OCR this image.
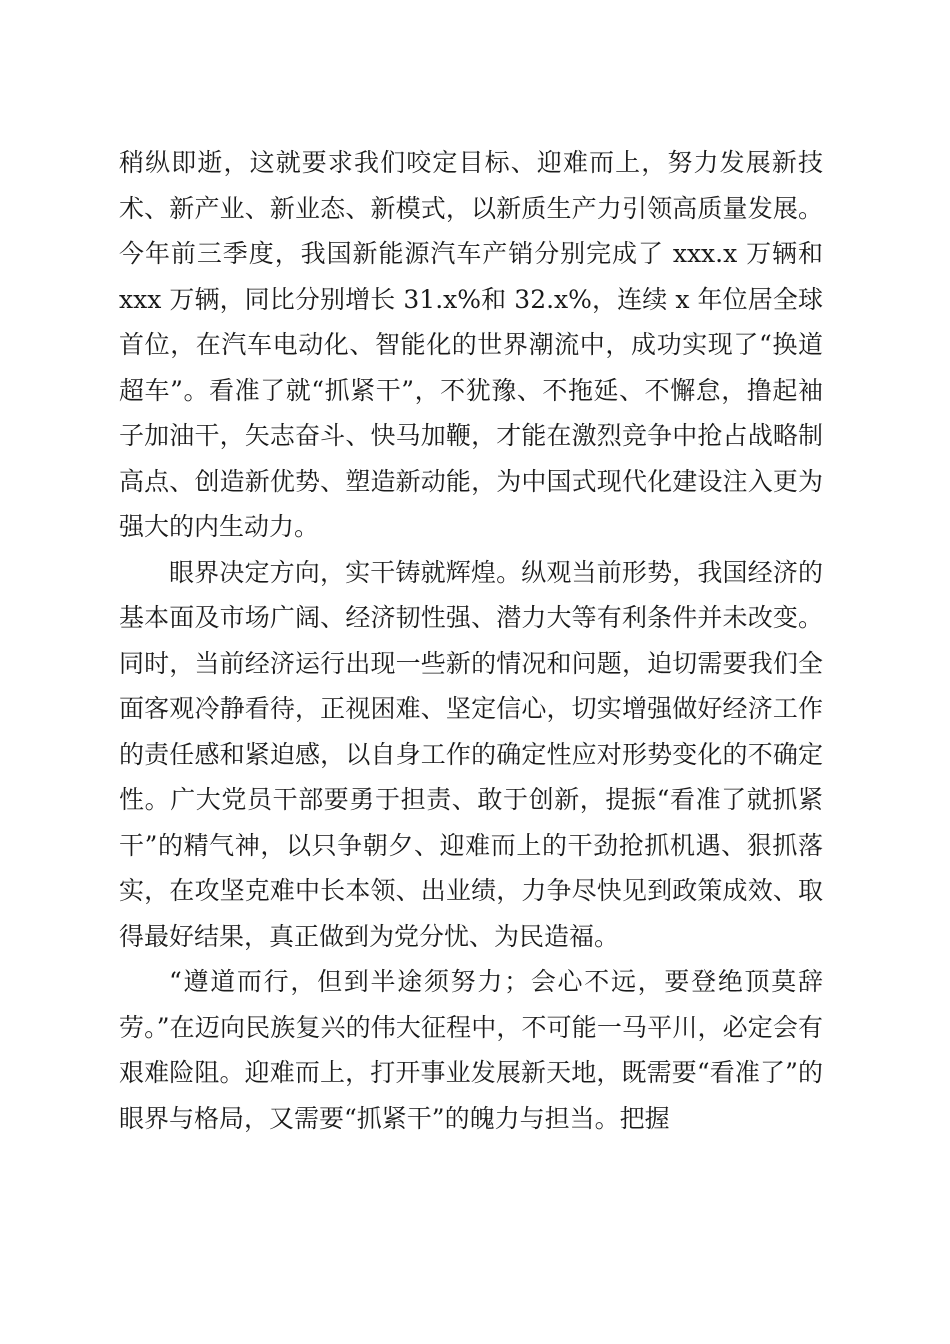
稍纵即逝，这就要求我们咬定目标、迎难而上，努力发展新技术、新产业、新业态、新模式，以新质生产力引领高质量发展。今年前三季度，我国新能源汽车产销分别完成了 xxx.x 万辆和 xxx 万辆，同比分别增长 31.x%和 32.x%，连续 x 年位居全球首位，在汽车电动化、智能化的世界潮流中，成功实现了“换道超车”。看准了就“抓紧干”，不犹豫、不拖延、不懈怠，撸起袖子加油干，矢志奋斗、快马加鞭，才能在激烈竞争中抢占战略制高点、创造新优势、塑造新动能，为中国式现代化建设注入更为强大的内生动力。

眼界决定方向，实干铸就辉煌。纵观当前形势，我国经济的基本面及市场广阔、经济韧性强、潜力大等有利条件并未改变。同时，当前经济运行出现一些新的情况和问题，迫切需要我们全面客观冷静看待，正视困难、坚定信心，切实增强做好经济工作的责任感和紧迫感，以自身工作的确定性应对形势变化的不确定性。广大党员干部要勇于担责、敢于创新，提振“看准了就抓紧干”的精气神，以只争朝夕、迎难而上的干劲抢抓机遇、狠抓落实，在攻坚克难中长本领、出业绩，力争尽快见到政策成效、取得最好结果，真正做到为党分忧、为民造福。

“遵道而行，但到半途须努力；会心不远，要登绝顶莫辞劳。”在迈向民族复兴的伟大征程中，不可能一马平川，必定会有艰难险阻。迎难而上，打开事业发展新天地，既需要“看准了”的眼界与格局，又需要“抓紧干”的魄力与担当。把握
